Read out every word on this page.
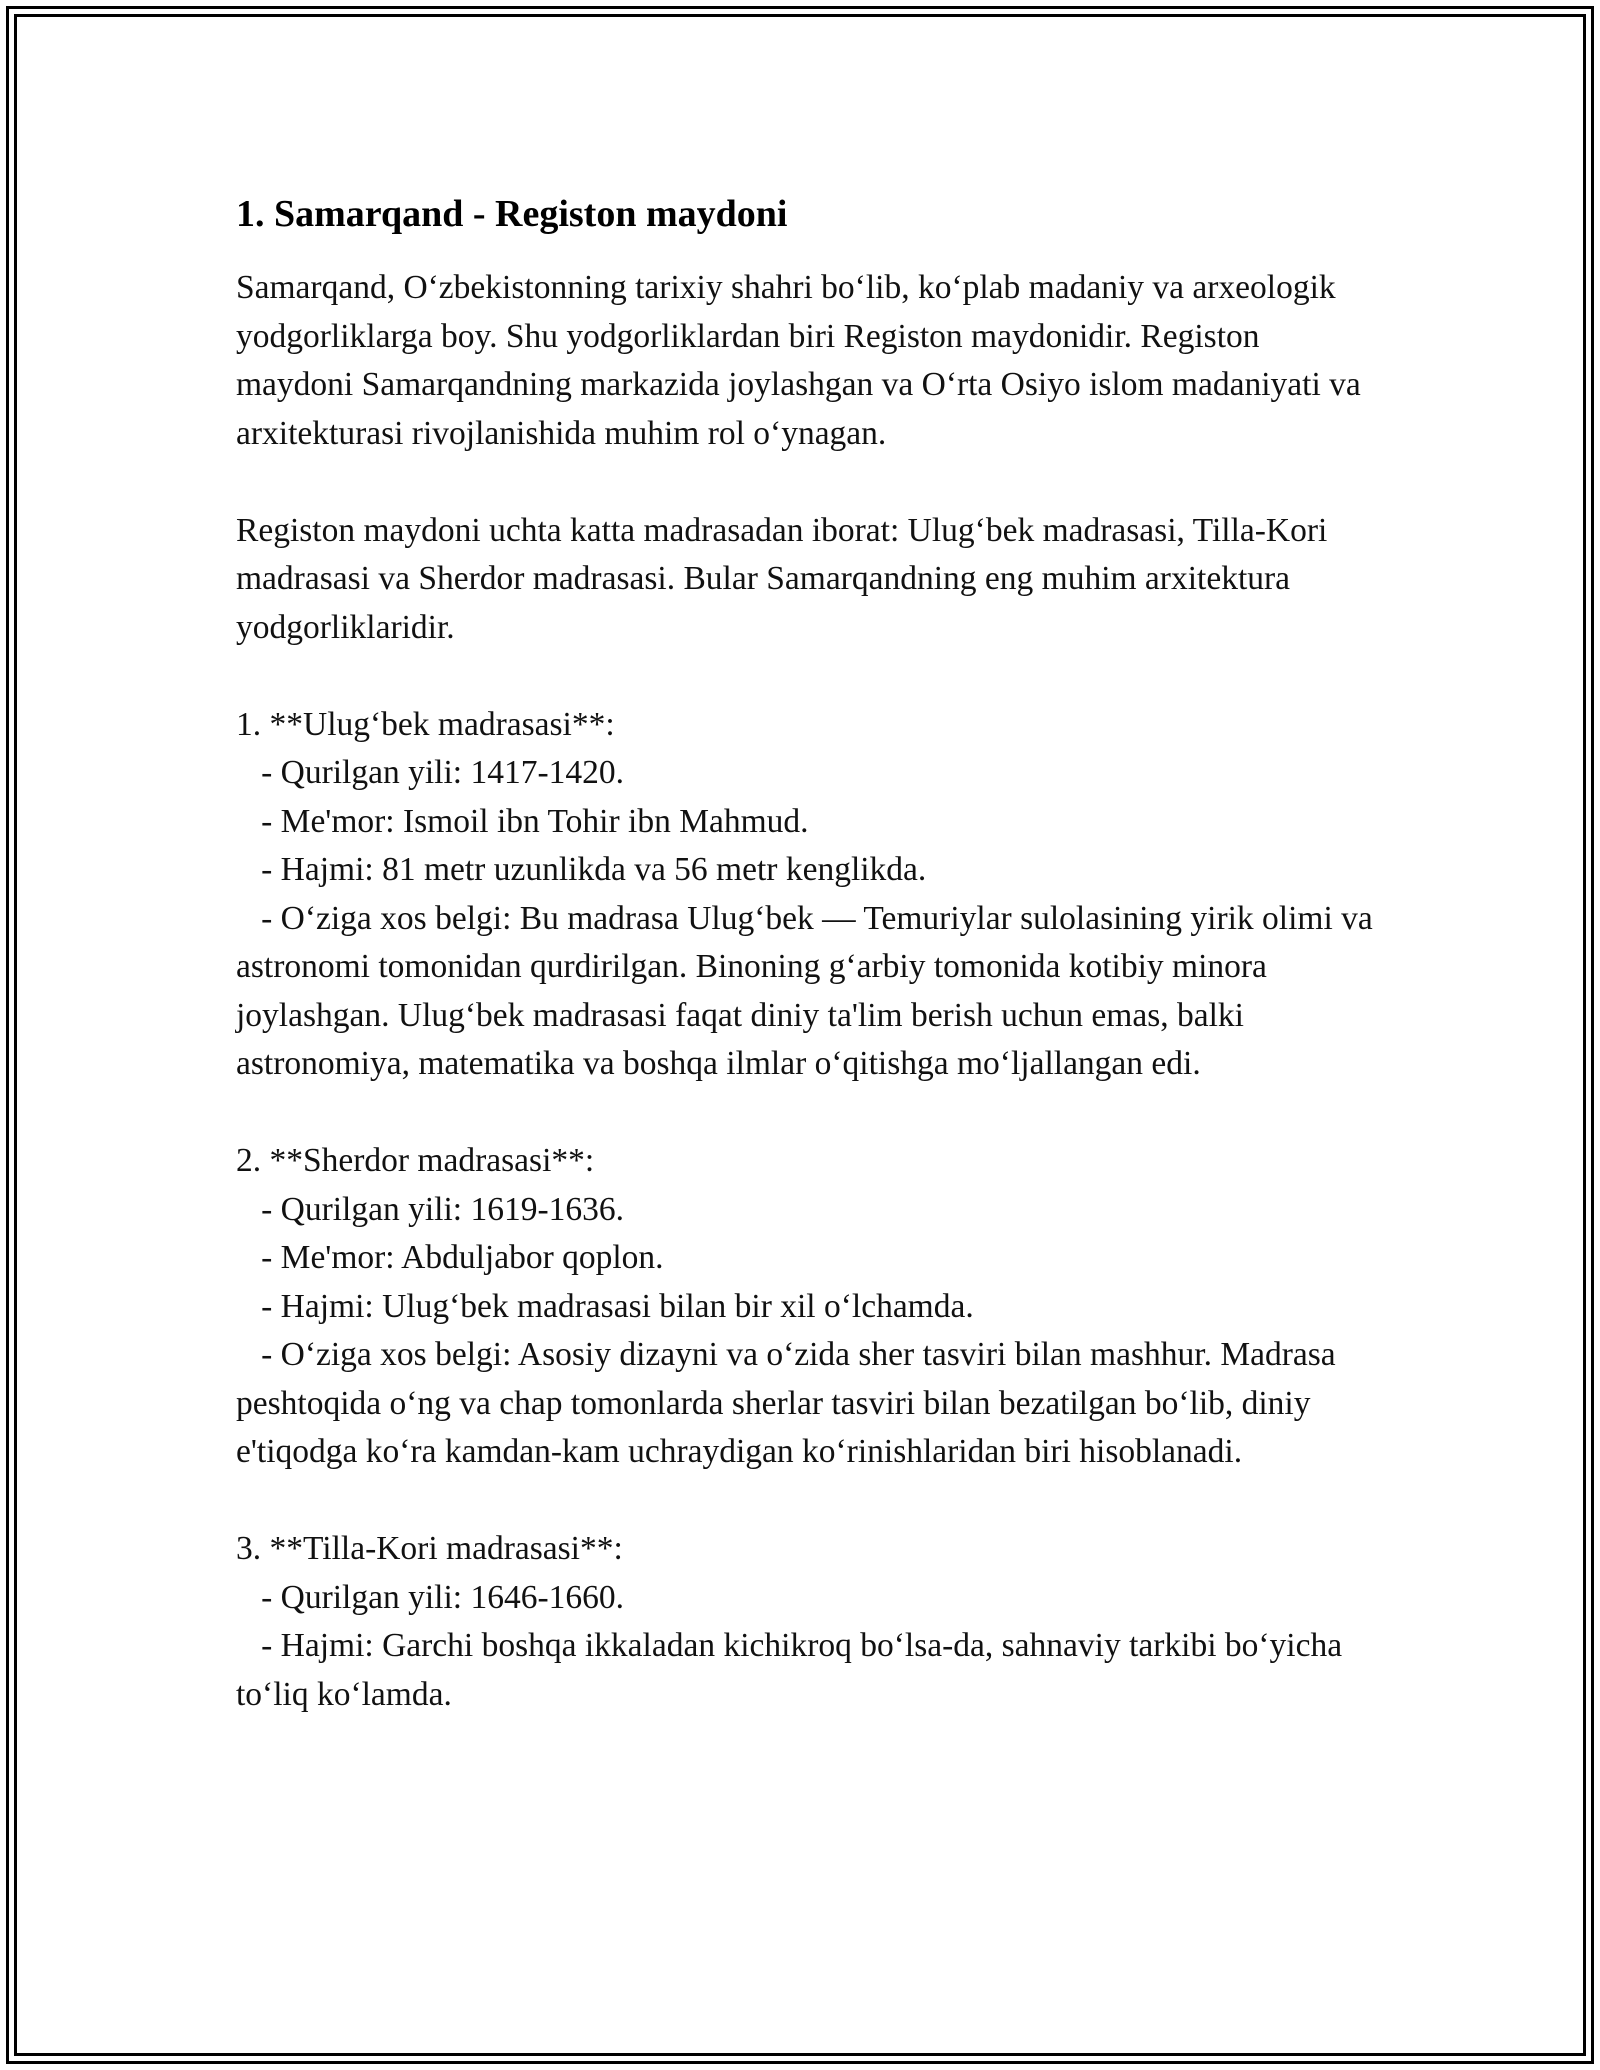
1. Samarqand - Registon maydoni

Samarqand, O‘zbekistonning tarixiy shahri bo‘lib, ko‘plab madaniy va arxeologik yodgorliklarga boy. Shu yodgorliklardan biri Registon maydonidir. Registon maydoni Samarqandning markazida joylashgan va O‘rta Osiyo islom madaniyati va arxitekturasi rivojlanishida muhim rol o‘ynagan.

Registon maydoni uchta katta madrasadan iborat: Ulug‘bek madrasasi, Tilla-Kori madrasasi va Sherdor madrasasi. Bular Samarqandning eng muhim arxitektura yodgorliklaridir.

1. **Ulug‘bek madrasasi**:
- Qurilgan yili: 1417-1420.
- Me'mor: Ismoil ibn Tohir ibn Mahmud.
- Hajmi: 81 metr uzunlikda va 56 metr kenglikda.
- O‘ziga xos belgi: Bu madrasa Ulug‘bek — Temuriylar sulolasining yirik olimi va astronomi tomonidan qurdirilgan. Binoning g‘arbiy tomonida kotibiy minora joylashgan. Ulug‘bek madrasasi faqat diniy ta'lim berish uchun emas, balki astronomiya, matematika va boshqa ilmlar o‘qitishga mo‘ljallangan edi.

2. **Sherdor madrasasi**:
- Qurilgan yili: 1619-1636.
- Me'mor: Abduljabor qoplon.
- Hajmi: Ulug‘bek madrasasi bilan bir xil o‘lchamda.
- O‘ziga xos belgi: Asosiy dizayni va o‘zida sher tasviri bilan mashhur. Madrasa peshtoqida o‘ng va chap tomonlarda sherlar tasviri bilan bezatilgan bo‘lib, diniy e'tiqodga ko‘ra kamdan-kam uchraydigan ko‘rinishlaridan biri hisoblanadi.

3. **Tilla-Kori madrasasi**:
- Qurilgan yili: 1646-1660.
- Hajmi: Garchi boshqa ikkaladan kichikroq bo‘lsa-da, sahnaviy tarkibi bo‘yicha to‘liq ko‘lamda.
